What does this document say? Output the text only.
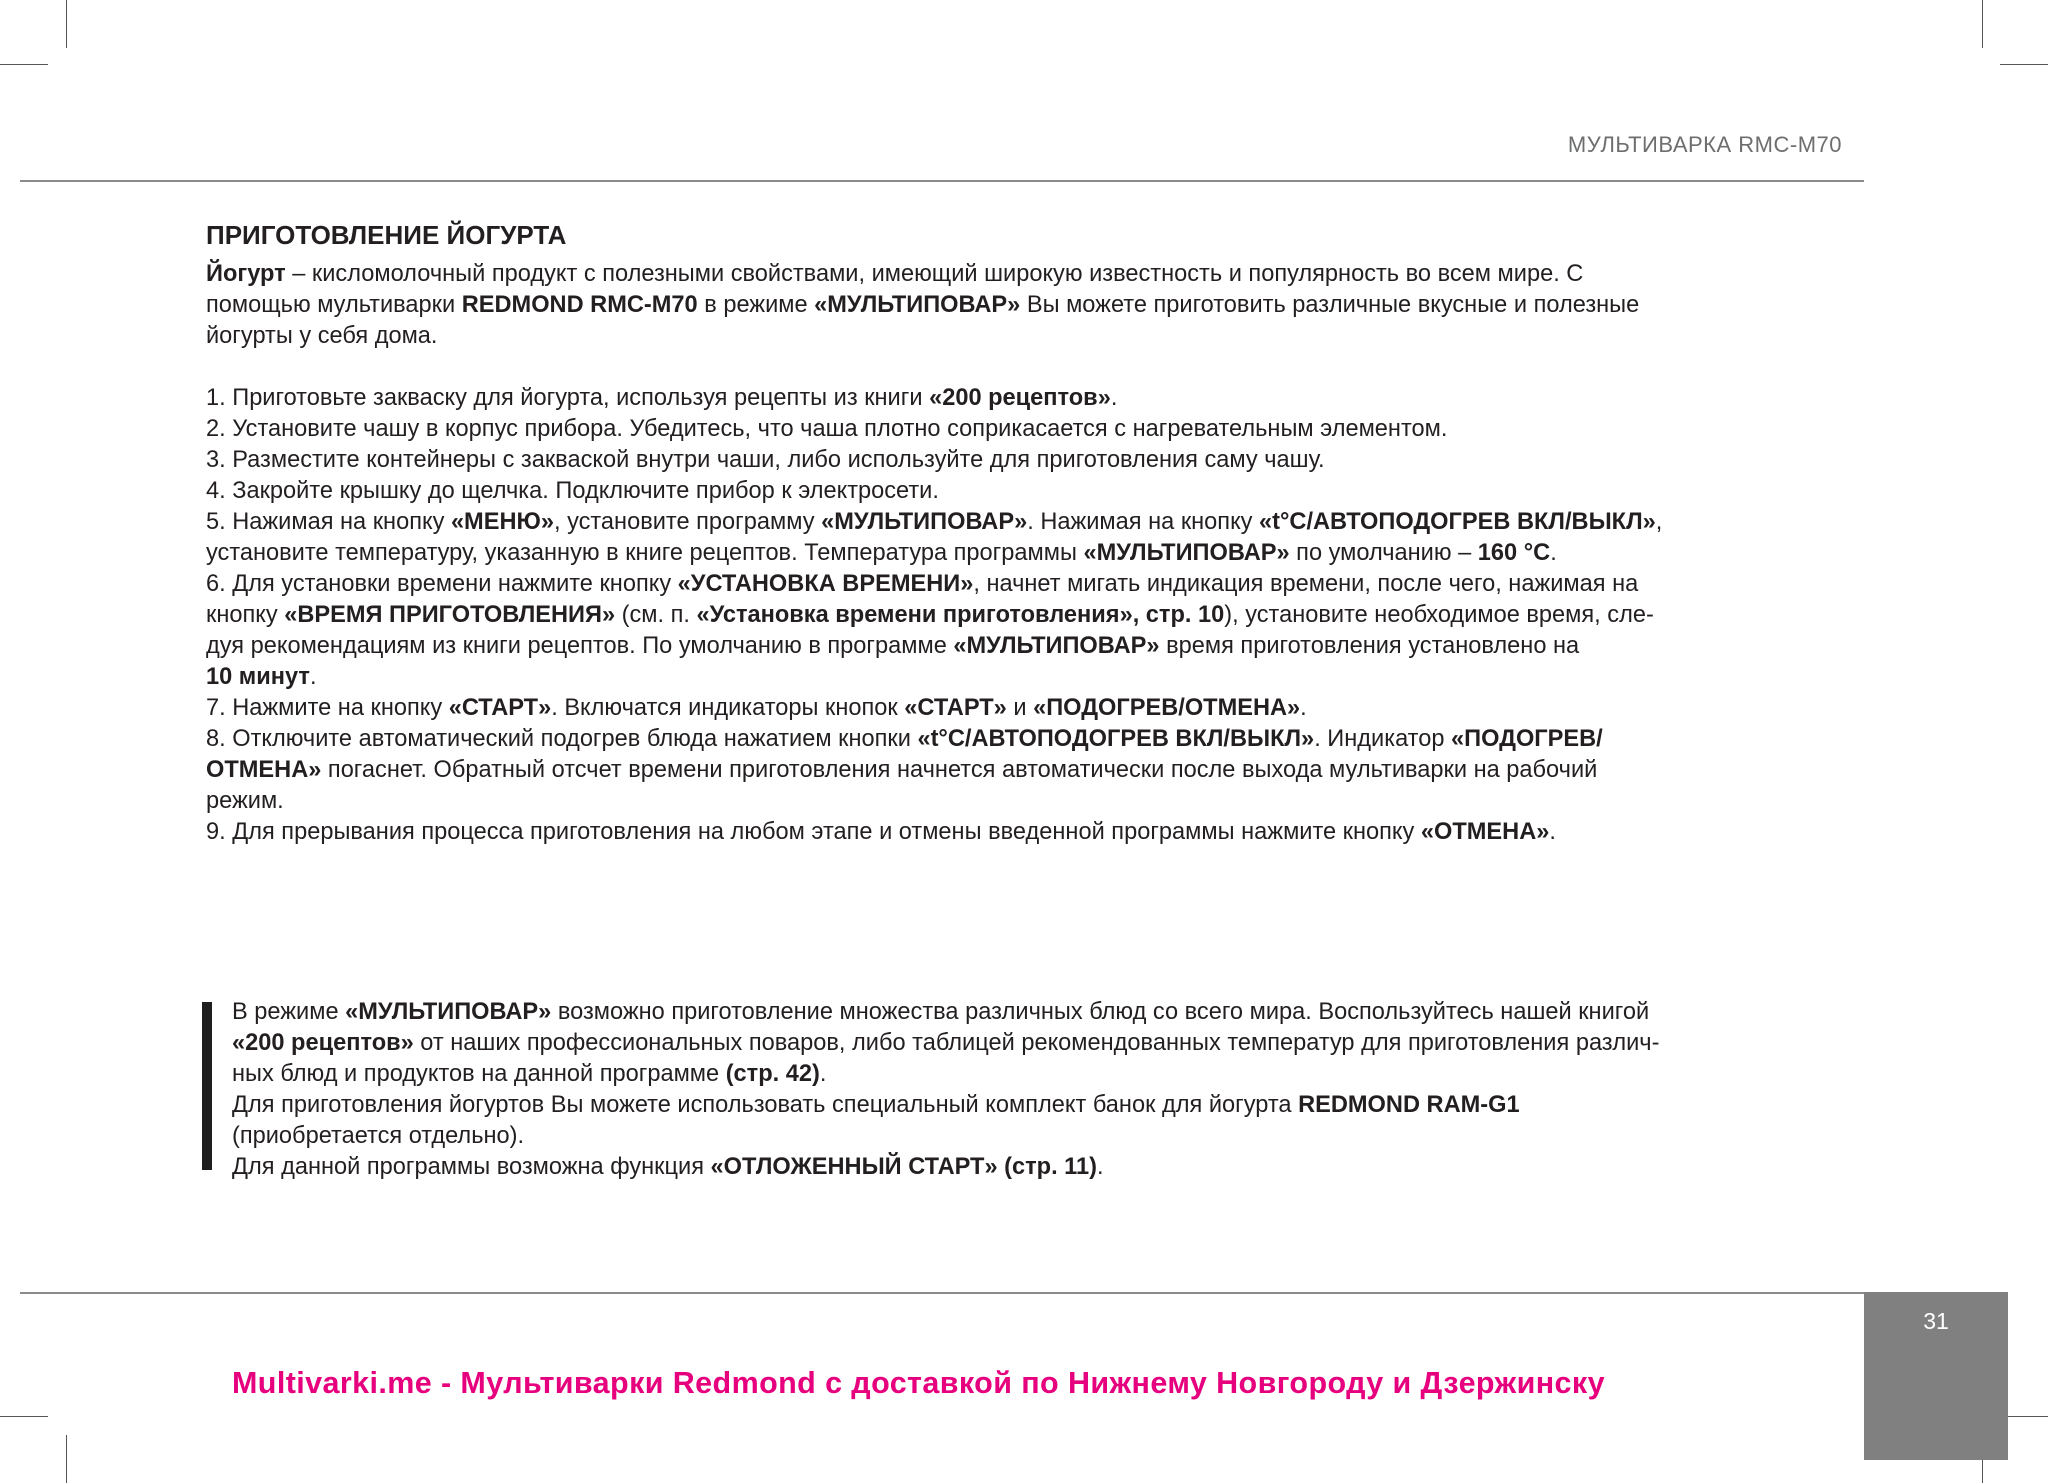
МУЛЬТИВАРКА RMC-M70
ПРИГОТОВЛЕНИЕ ЙОГУРТА

Йогурт – кисломолочный продукт с полезными свойствами, имеющий широкую известность и популярность во всем мире. С
помощью мультиварки REDMOND RMC-M70 в режиме «МУЛЬТИПОВАР» Вы можете приготовить различные вкусные и полезные
йогурты у себя дома.

1. Приготовьте закваску для йогурта, используя рецепты из книги «200 рецептов».

2. Установите чашу в корпус прибора. Убедитесь, что чаша плотно соприкасается с нагревательным элементом.

3. Разместите контейнеры с закваской внутри чаши, либо используйте для приготовления саму чашу.

4. Закройте крышку до щелчка. Подключите прибор к электросети.

5. Нажимая на кнопку «МЕНЮ», установите программу «МУЛЬТИПОВАР». Нажимая на кнопку «t°C/АВТОПОДОГРЕВ ВКЛ/ВЫКЛ»,
установите температуру, указанную в книге рецептов. Температура программы «МУЛЬТИПОВАР» по умолчанию – 160 °С.

6. Для установки времени нажмите кнопку «УСТАНОВКА ВРЕМЕНИ», начнет мигать индикация времени, после чего, нажимая на
кнопку «ВРЕМЯ ПРИГОТОВЛЕНИЯ» (см. п. «Установка времени приготовления», стр. 10), установите необходимое время, сле-
дуя рекомендациям из книги рецептов. По умолчанию в программе «МУЛЬТИПОВАР» время приготовления установлено на
10 минут.

7. Нажмите на кнопку «СТАРТ». Включатся индикаторы кнопок «СТАРТ» и «ПОДОГРЕВ/ОТМЕНА».

8. Отключите автоматический подогрев блюда нажатием кнопки «t°C/АВТОПОДОГРЕВ ВКЛ/ВЫКЛ». Индикатор «ПОДОГРЕВ/
ОТМЕНА» погаснет. Обратный отсчет времени приготовления начнется автоматически после выхода мультиварки на рабочий
режим.

9. Для прерывания процесса приготовления на любом этапе и отмены введенной программы нажмите кнопку «ОТМЕНА».

В режиме «МУЛЬТИПОВАР» возможно приготовление множества различных блюд со всего мира. Воспользуйтесь нашей книгой
«200 рецептов» от наших профессиональных поваров, либо таблицей рекомендованных температур для приготовления различ-
ных блюд и продуктов на данной программе (стр. 42).

Для приготовления йогуртов Вы можете использовать специальный комплект банок для йогурта REDMOND RAM-G1
(приобретается отдельно).

Для данной программы возможна функция «ОТЛОЖЕННЫЙ СТАРТ» (стр. 11).

31
Multivarki.me - Мультиварки Redmond с доставкой по Нижнему Новгороду и Дзержинску
